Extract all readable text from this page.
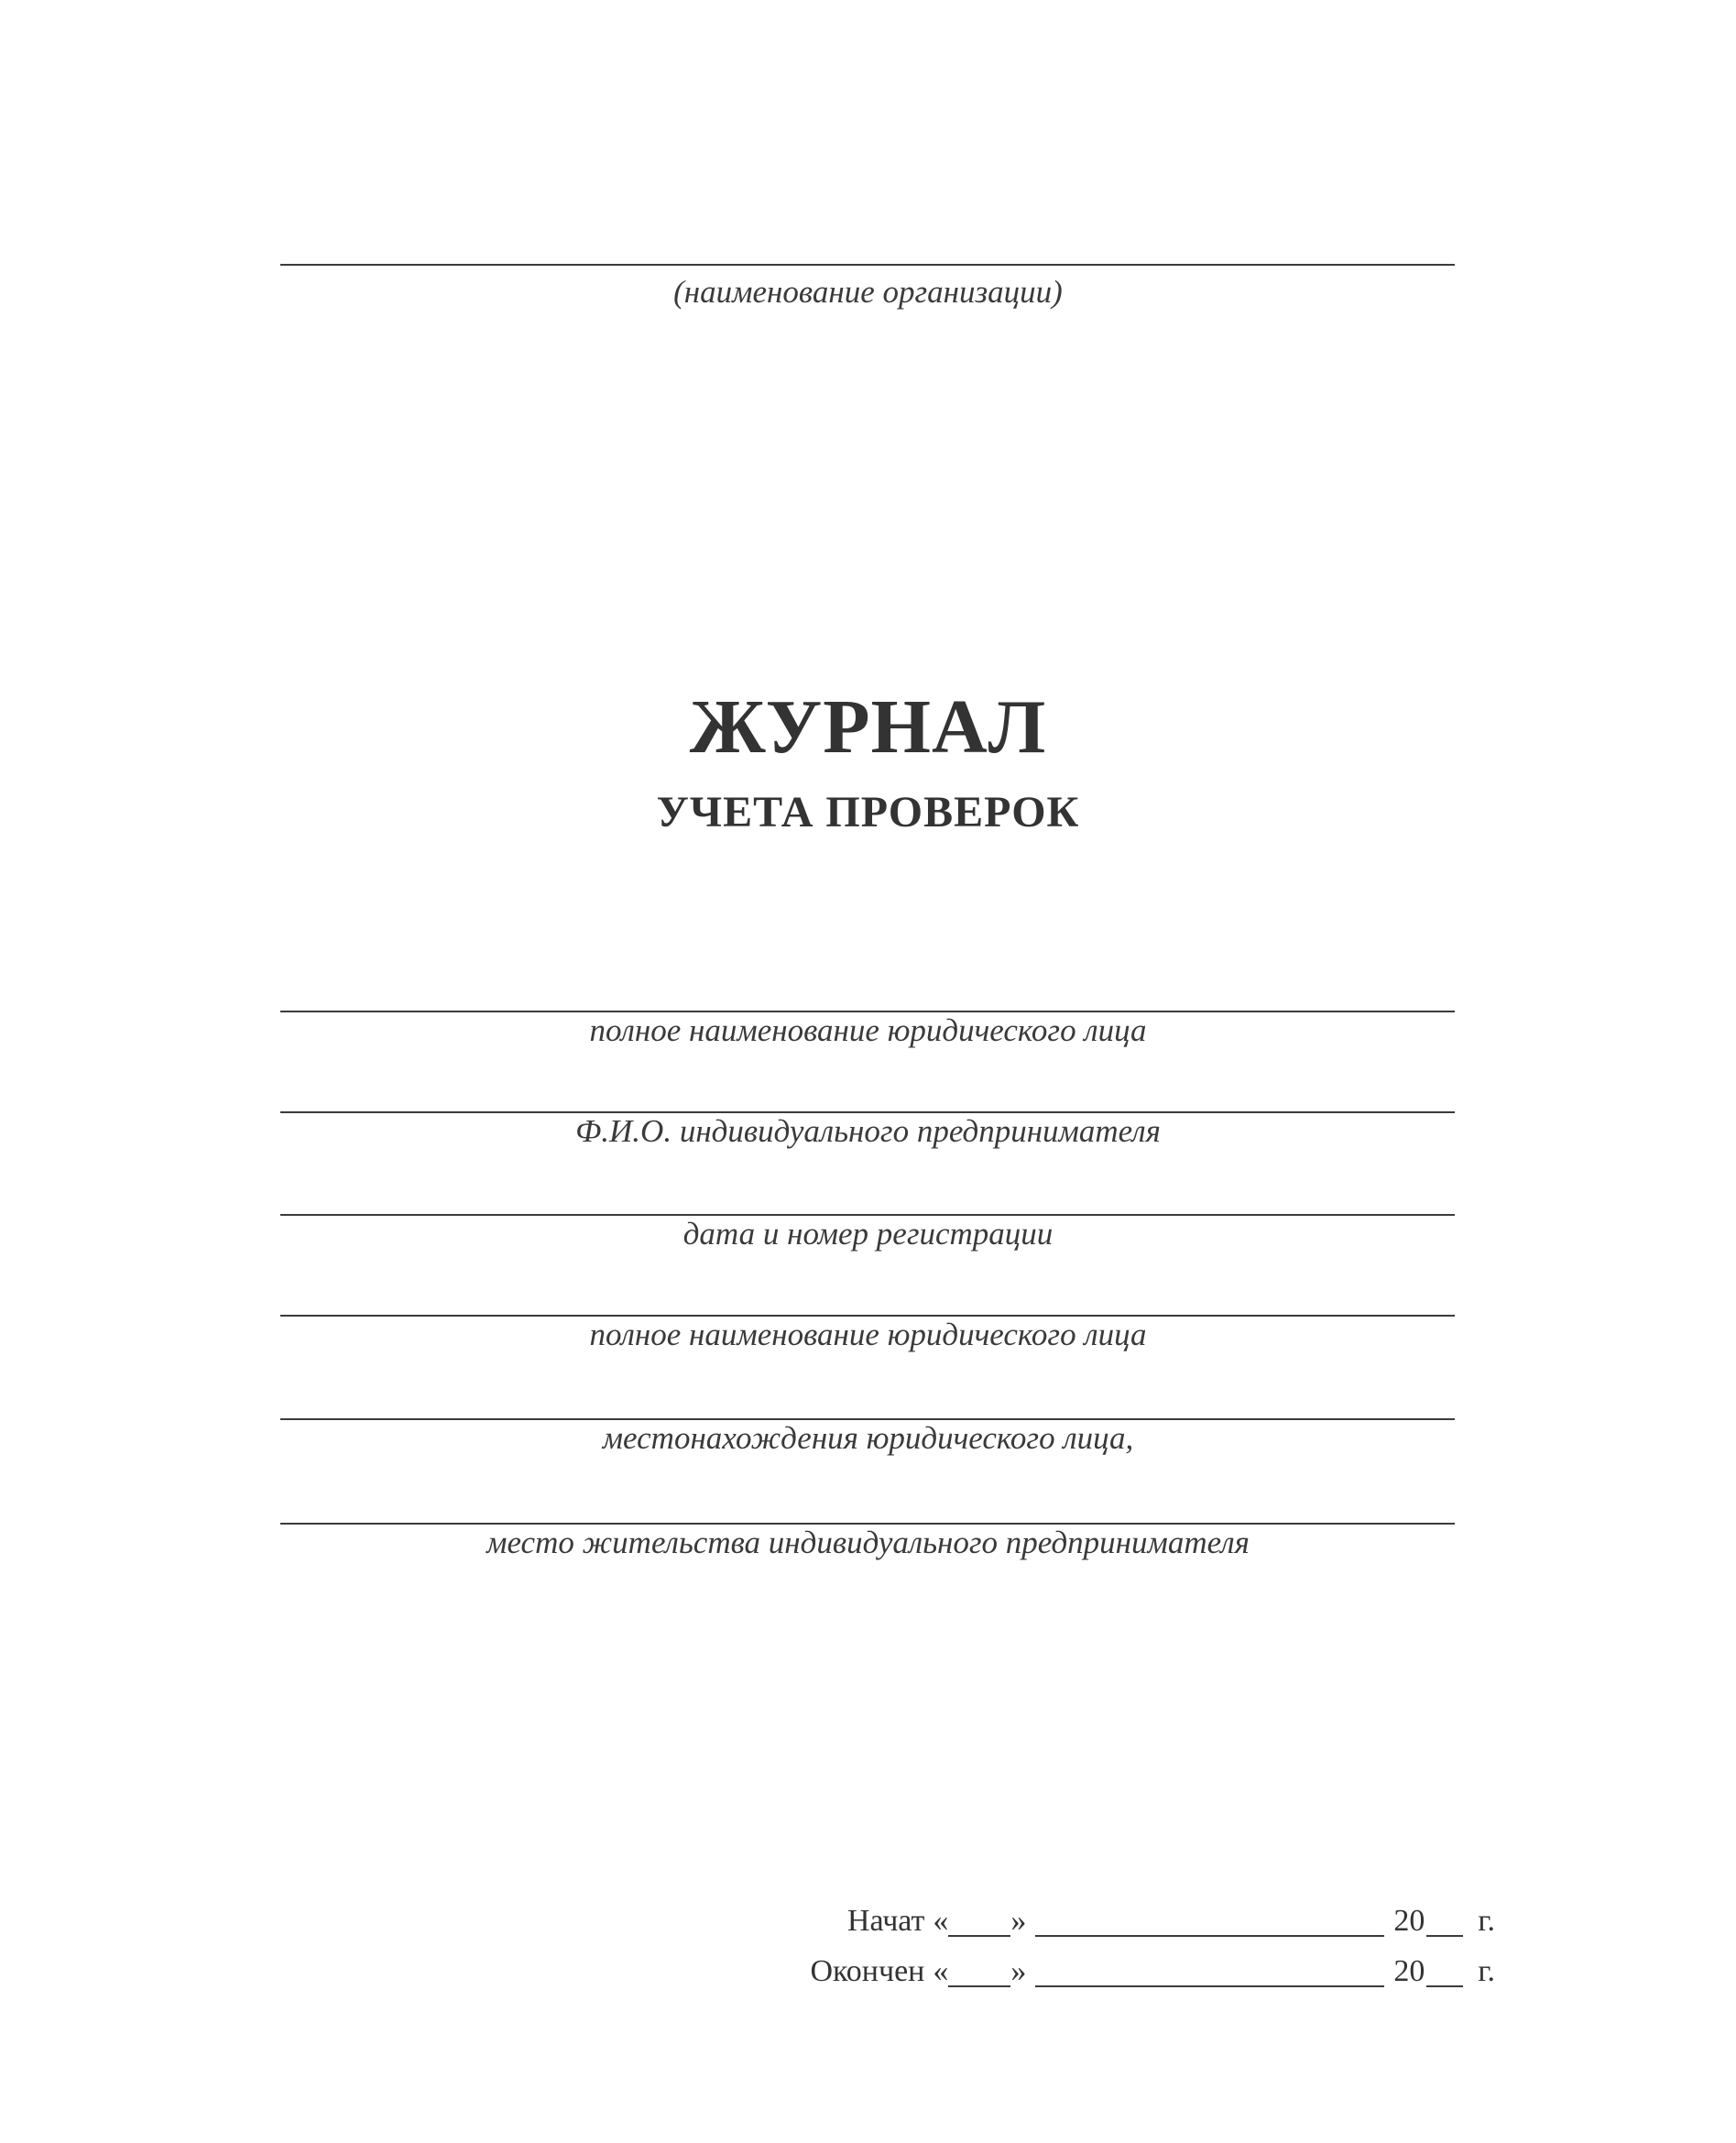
(наименование организации)
ЖУРНАЛ
УЧЕТА ПРОВЕРОК
полное наименование юридического лица
Ф.И.О. индивидуального предпринимателя
дата и номер регистрации
полное наименование юридического лица
местонахождения юридического лица,
место жительства индивидуального предпринимателя
Начат « »	20 г.
Окончен « »	20 г.
